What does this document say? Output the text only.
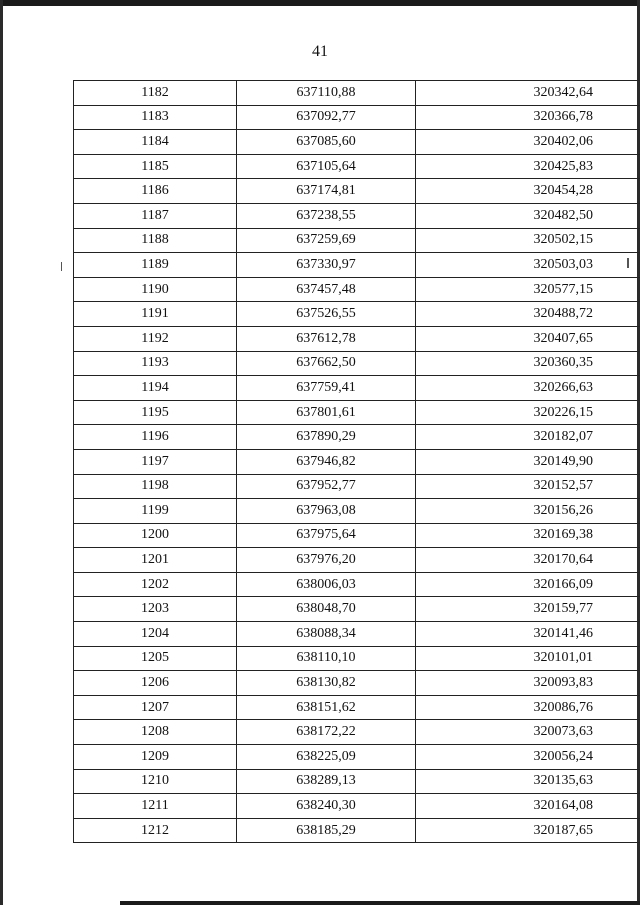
41
1182	637110,88	320342,64
1183	637092,77	320366,78
1184	637085,60	320402,06
1185	637105,64	320425,83
1186	637174,81	320454,28
1187	637238,55	320482,50
1188	637259,69	320502,15
1189	637330,97	320503,03
1190	637457,48	320577,15
1191	637526,55	320488,72
1192	637612,78	320407,65
1193	637662,50	320360,35
1194	637759,41	320266,63
1195	637801,61	320226,15
1196	637890,29	320182,07
1197	637946,82	320149,90
1198	637952,77	320152,57
1199	637963,08	320156,26
1200	637975,64	320169,38
1201	637976,20	320170,64
1202	638006,03	320166,09
1203	638048,70	320159,77
1204	638088,34	320141,46
1205	638110,10	320101,01
1206	638130,82	320093,83
1207	638151,62	320086,76
1208	638172,22	320073,63
1209	638225,09	320056,24
1210	638289,13	320135,63
1211	638240,30	320164,08
1212	638185,29	320187,65
